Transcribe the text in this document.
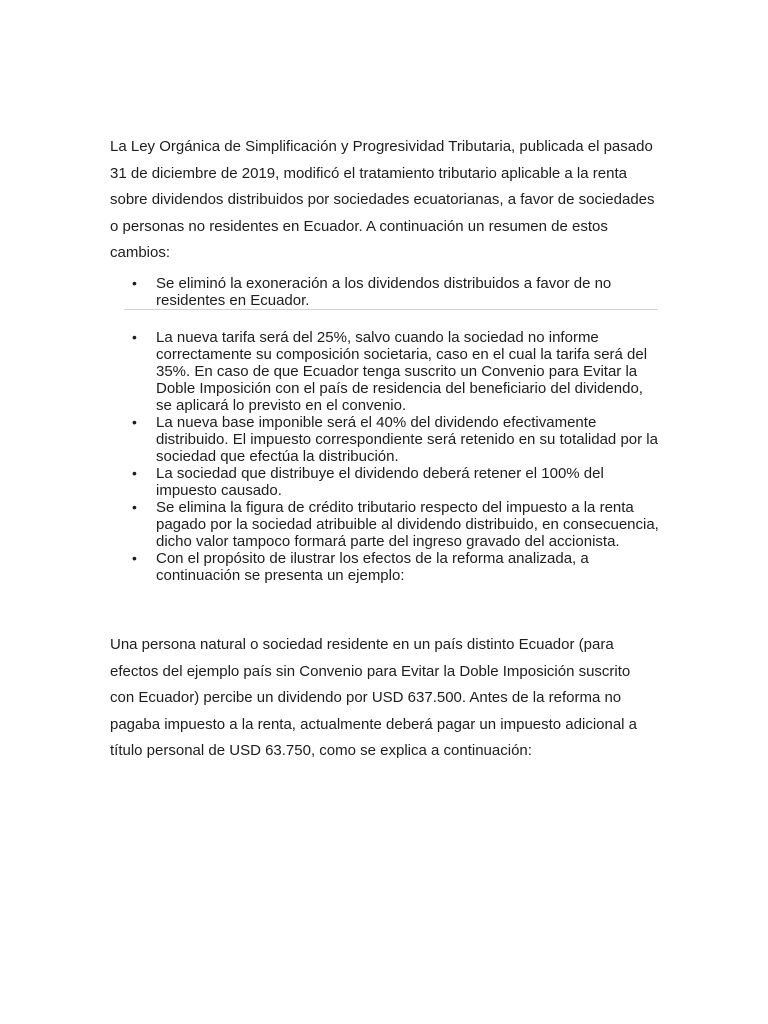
La Ley Orgánica de Simplificación y Progresividad Tributaria, publicada el pasado 31 de diciembre de 2019, modificó el tratamiento tributario aplicable a la renta sobre dividendos distribuidos por sociedades ecuatorianas, a favor de sociedades o personas no residentes en Ecuador. A continuación un resumen de estos cambios:

• Se eliminó la exoneración a los dividendos distribuidos a favor de no residentes en Ecuador.
• La nueva tarifa será del 25%, salvo cuando la sociedad no informe correctamente su composición societaria, caso en el cual la tarifa será del 35%. En caso de que Ecuador tenga suscrito un Convenio para Evitar la Doble Imposición con el país de residencia del beneficiario del dividendo, se aplicará lo previsto en el convenio.
• La nueva base imponible será el 40% del dividendo efectivamente distribuido. El impuesto correspondiente será retenido en su totalidad por la sociedad que efectúa la distribución.
• La sociedad que distribuye el dividendo deberá retener el 100% del impuesto causado.
• Se elimina la figura de crédito tributario respecto del impuesto a la renta pagado por la sociedad atribuible al dividendo distribuido, en consecuencia, dicho valor tampoco formará parte del ingreso gravado del accionista.
• Con el propósito de ilustrar los efectos de la reforma analizada, a continuación se presenta un ejemplo:

Una persona natural o sociedad residente en un país distinto Ecuador (para efectos del ejemplo país sin Convenio para Evitar la Doble Imposición suscrito con Ecuador) percibe un dividendo por USD 637.500. Antes de la reforma no pagaba impuesto a la renta, actualmente deberá pagar un impuesto adicional a título personal de USD 63.750, como se explica a continuación:
